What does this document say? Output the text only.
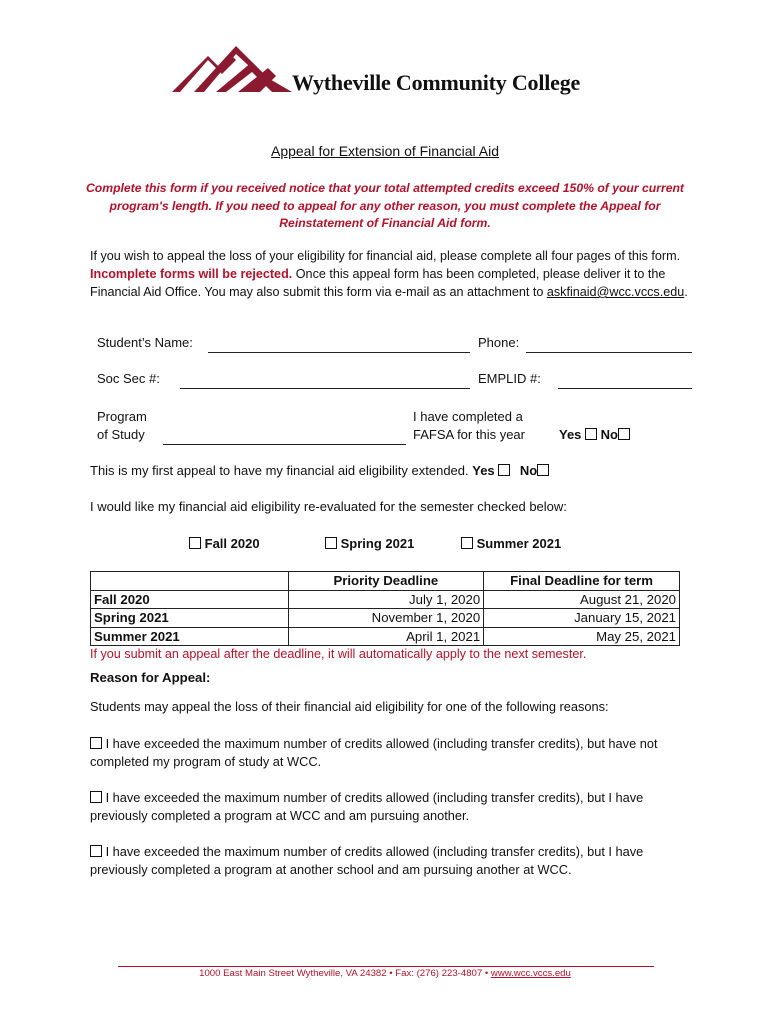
Wytheville Community College
Appeal for Extension of Financial Aid
Complete this form if you received notice that your total attempted credits exceed 150% of your current program's length. If you need to appeal for any other reason, you must complete the Appeal for Reinstatement of Financial Aid form.
If you wish to appeal the loss of your eligibility for financial aid, please complete all four pages of this form. Incomplete forms will be rejected. Once this appeal form has been completed, please deliver it to the Financial Aid Office. You may also submit this form via e-mail as an attachment to askfinaid@wcc.vccs.edu.
Student’s Name:	Phone:
Soc Sec #:	EMPLID #:
Program
of Study
I have completed a
FAFSA for this year	Yes No
This is my first appeal to have my financial aid eligibility extended. Yes No
I would like my financial aid eligibility re-evaluated for the semester checked below:
Fall 2020	Spring 2021	Summer 2021
	Priority Deadline	Final Deadline for term
Fall 2020	July 1, 2020	August 21, 2020
Spring 2021	November 1, 2020	January 15, 2021
Summer 2021	April 1, 2021	May 25, 2021
If you submit an appeal after the deadline, it will automatically apply to the next semester.
Reason for Appeal:
Students may appeal the loss of their financial aid eligibility for one of the following reasons:
I have exceeded the maximum number of credits allowed (including transfer credits), but have not completed my program of study at WCC.
I have exceeded the maximum number of credits allowed (including transfer credits), but I have previously completed a program at WCC and am pursuing another.
I have exceeded the maximum number of credits allowed (including transfer credits), but I have previously completed a program at another school and am pursuing another at WCC.
1000 East Main Street Wytheville, VA 24382 • Fax: (276) 223-4807 • www.wcc.vccs.edu
